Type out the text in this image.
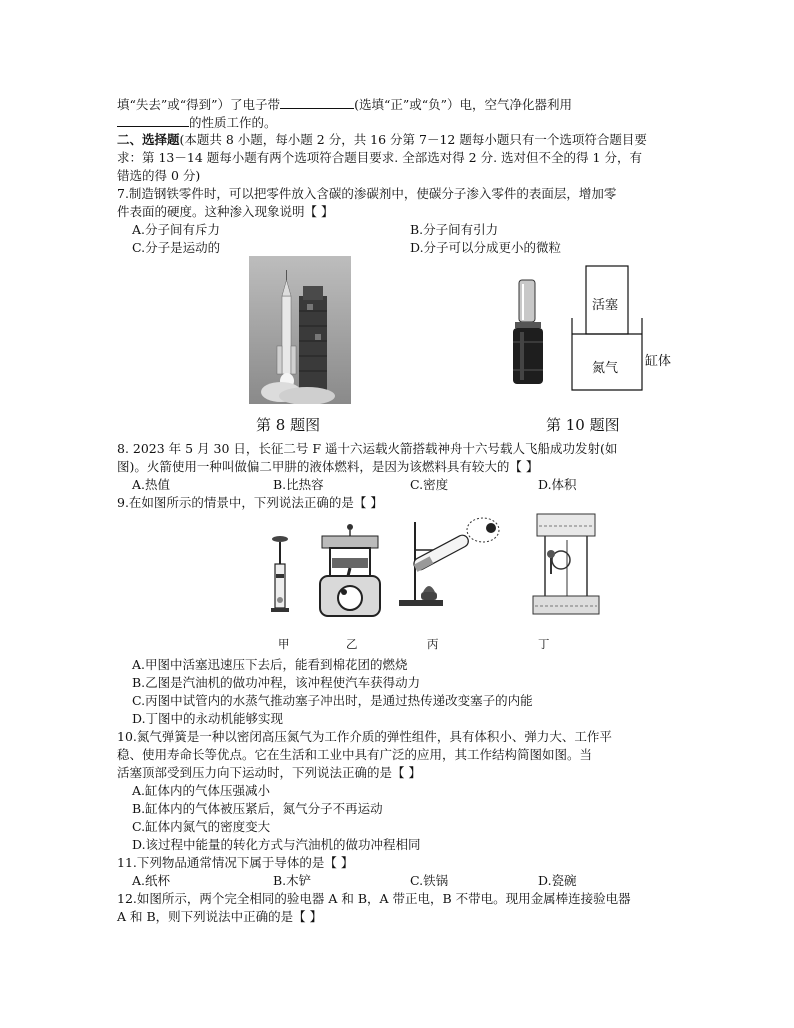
填“失去”或“得到”）了电子带	(选填“正”或“负”）电，空气净化器利用
的性质工作的。
二、选择题(本题共 8 小题，每小题 2 分，共 16 分第 7－12 题每小题只有一个选项符合题目要
求：第 13－14 题每小题有两个选项符合题目要求. 全部选对得 2 分. 选对但不全的得 1 分，有
错选的得 0 分)
7.制造钢铁零件时，可以把零件放入含碳的渗碳剂中，使碳分子渗入零件的表面层，增加零
件表面的硬度。这种渗入现象说明【 】
A.分子间有斥力	B.分子间有引力
C.分子是运动的	D.分子可以分成更小的微粒
第 8 题图
活塞
氮气 缸体
第 10 题图
8. 2023 年 5 月 30 日，长征二号 F 遥十六运载火箭搭载神舟十六号载人飞船成功发射(如
图)。火箭使用一种叫做偏二甲肼的液体燃料，是因为该燃料具有较大的【 】
A.热值	B.比热容	C.密度	D.体积
9.在如图所示的情景中，下列说法正确的是【 】
甲	乙	丙	丁
A.甲图中活塞迅速压下去后，能看到棉花团的燃烧
B.乙图是汽油机的做功冲程，该冲程使汽车获得动力
C.丙图中试管内的水蒸气推动塞子冲出时，是通过热传递改变塞子的内能
D.丁图中的永动机能够实现
10.氮气弹簧是一种以密闭高压氮气为工作介质的弹性组件，具有体积小、弹力大、工作平
稳、使用寿命长等优点。它在生活和工业中具有广泛的应用，其工作结构简图如图。当
活塞顶部受到压力向下运动时，下列说法正确的是【 】
A.缸体内的气体压强减小
B.缸体内的气体被压紧后，氮气分子不再运动
C.缸体内氮气的密度变大
D.该过程中能量的转化方式与汽油机的做功冲程相同
11.下列物品通常情况下属于导体的是【 】
A.纸杯	B.木铲	C.铁锅	D.瓷碗
12.如图所示，两个完全相同的验电器 A 和 B，A 带正电，B 不带电。现用金属棒连接验电器
A 和 B，则下列说法中正确的是【 】
